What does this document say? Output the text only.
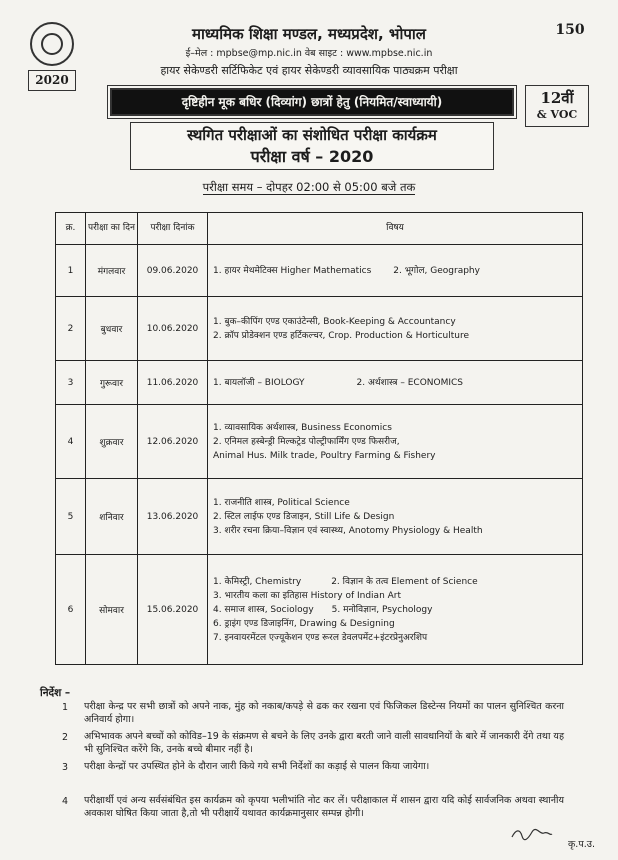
2020
माध्यमिक शिक्षा मण्डल, मध्यप्रदेश, भोपाल
ई–मेल : mpbse@mp.nic.in वेब साइट : www.mpbse.nic.in
हायर सेकेण्डरी सर्टिफिकेट एवं हायर सेकेण्डरी व्यावसायिक पाठ्यक्रम परीक्षा
150
दृष्टिहीन मूक बधिर (दिव्यांग) छात्रों हेतु (नियमित/स्वाध्यायी)	12वीं
& VOC
स्थगित परीक्षाओं का संशोधित परीक्षा कार्यक्रम
परीक्षा वर्ष – 2020
परीक्षा समय – दोपहर 02:00 से 05:00 बजे तक
क्र.	परीक्षा का दिन	परीक्षा दिनांक	विषय
1	मंगलवार	09.06.2020	1. हायर मेथमेटिक्स Higher Mathematics 2. भूगोल, Geography

2	बुधवार	10.06.2020	1. बुक–कीपिंग एण्ड एकाउंटेन्सी, Book-Keeping & Accountancy
2. क्रॉप प्रोडेक्शन एण्ड हर्टिकल्चर, Crop. Production & Horticulture

3	गुरूवार	11.06.2020	1. बायलॉजी – BIOLOGY 2. अर्थशास्त्र – ECONOMICS

4	शुक्रवार	12.06.2020	1. व्यावसायिक अर्थशास्त्र, Business Economics
2. एनिमल हस्बेन्ड्री मिल्कट्रेड पोल्ट्रीफार्मिंग एण्ड फिसरीज,
Animal Hus. Milk trade, Poultry Farming & Fishery

5	शनिवार	13.06.2020	1. राजनीति शास्त्र, Political Science
2. स्टिल लाईफ एण्ड डिजाइन, Still Life & Design
3. शरीर रचना क्रिया–विज्ञान एवं स्वास्थ्य, Anotomy Physiology & Health

6	सोमवार	15.06.2020	1. केमिस्ट्री, Chemistry 2. विज्ञान के तत्व Element of Science
3. भारतीय कला का इतिहास History of Indian Art
4. समाज शास्त्र, Sociology 5. मनोविज्ञान, Psychology
6. ड्राइंग एण्ड डिजाइनिंग, Drawing & Designing
7. इनवायरमेंटल एज्यूकेशन एण्ड रूरल डेवलपमेंट+इंटरप्रेनुअरशिप
निर्देश –
1 परीक्षा केन्द्र पर सभी छात्रों को अपने नाक, मुंह को नकाब/कपड़े से ढक कर रखना एवं फिजिकल डिस्टेन्स नियमों का पालन सुनिश्चित करना अनिवार्य होगा।
2 अभिभावक अपने बच्चों को कोविड–19 के संक्रमण से बचने के लिए उनके द्वारा बरती जाने वाली सावधानियों के बारे में जानकारी देंगे तथा यह भी सुनिश्चित करेंगे कि, उनके बच्चे बीमार नहीं है।
3 परीक्षा केन्द्रों पर उपस्थित होने के दौरान जारी किये गये सभी निर्देशों का कड़ाई से पालन किया जायेगा।
4 परीक्षार्थी एवं अन्य सर्वसंबंधित इस कार्यक्रम को कृपया भलीभांति नोट कर लें। परीक्षाकाल में शासन द्वारा यदि कोई सार्वजनिक अथवा स्थानीय अवकाश घोषित किया जाता है,तो भी परीक्षायें यथावत कार्यक्रमानुसार सम्पन्न होगी।
कृ.प.उ.
